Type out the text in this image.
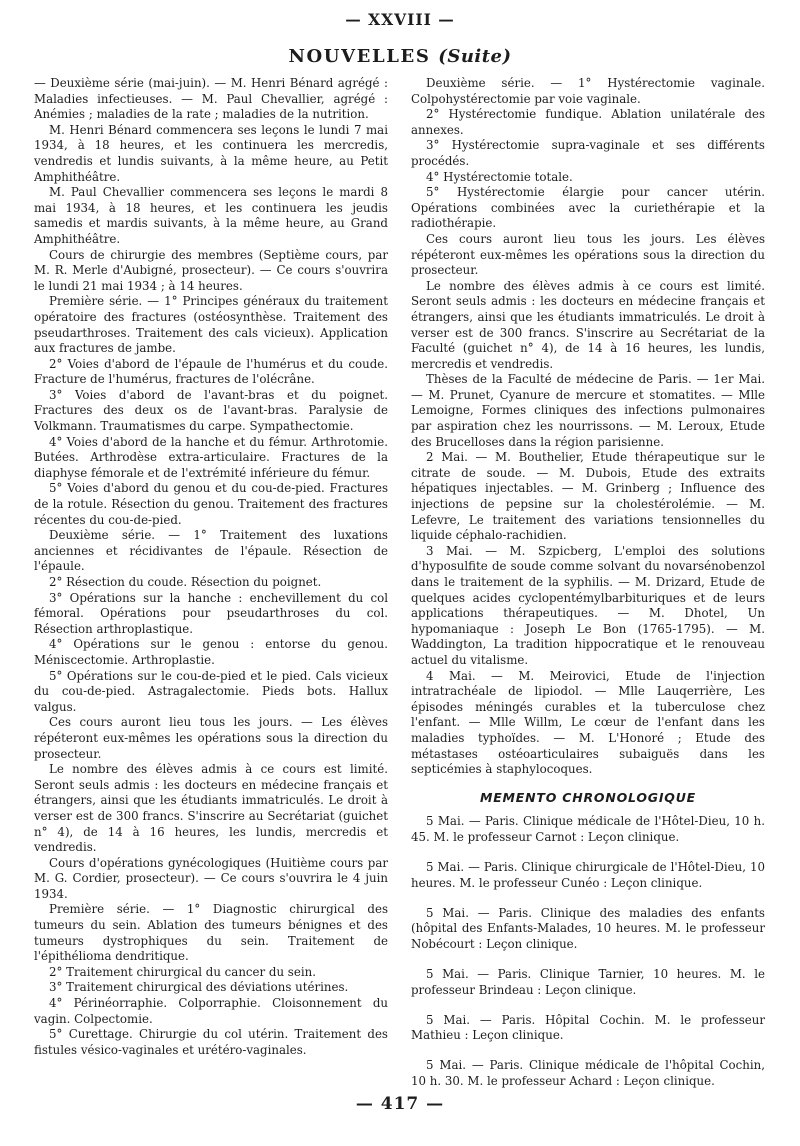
— XXVIII —
NOUVELLES (Suite)

— Deuxième série (mai-juin). — M. Henri Bénard agrégé : Maladies infectieuses. — M. Paul Chevallier, agrégé : Anémies ; maladies de la rate ; maladies de la nutrition.

M. Henri Bénard commencera ses leçons le lundi 7 mai 1934, à 18 heures, et les continuera les mercredis, vendredis et lundis suivants, à la même heure, au Petit Amphithéâtre.

M. Paul Chevallier commencera ses leçons le mardi 8 mai 1934, à 18 heures, et les continuera les jeudis samedis et mardis suivants, à la même heure, au Grand Amphithéâtre.

Cours de chirurgie des membres (Septième cours, par M. R. Merle d'Aubigné, prosecteur). — Ce cours s'ouvrira le lundi 21 mai 1934 ; à 14 heures.

Première série. — 1° Principes généraux du traitement opératoire des fractures (ostéosynthèse. Traitement des pseudarthroses. Traitement des cals vicieux). Application aux fractures de jambe.

2° Voies d'abord de l'épaule de l'humérus et du coude. Fracture de l'humérus, fractures de l'olécrâne.

3° Voies d'abord de l'avant-bras et du poignet. Fractures des deux os de l'avant-bras. Paralysie de Volkmann. Traumatismes du carpe. Sympathectomie.

4° Voies d'abord de la hanche et du fémur. Arthrotomie. Butées. Arthrodèse extra-articulaire. Fractures de la diaphyse fémorale et de l'extrémité inférieure du fémur.

5° Voies d'abord du genou et du cou-de-pied. Fractures de la rotule. Résection du genou. Traitement des fractures récentes du cou-de-pied.

Deuxième série. — 1° Traitement des luxations anciennes et récidivantes de l'épaule. Résection de l'épaule.

2° Résection du coude. Résection du poignet.

3° Opérations sur la hanche : enchevillement du col fémoral. Opérations pour pseudarthroses du col. Résection arthroplastique.

4° Opérations sur le genou : entorse du genou. Méniscectomie. Arthroplastie.

5° Opérations sur le cou-de-pied et le pied. Cals vicieux du cou-de-pied. Astragalectomie. Pieds bots. Hallux valgus.

Ces cours auront lieu tous les jours. — Les élèves répéteront eux-mêmes les opérations sous la direction du prosecteur.

Le nombre des élèves admis à ce cours est limité. Seront seuls admis : les docteurs en médecine français et étrangers, ainsi que les étudiants immatriculés. Le droit à verser est de 300 francs. S'inscrire au Secrétariat (guichet n° 4), de 14 à 16 heures, les lundis, mercredis et vendredis.

Cours d'opérations gynécologiques (Huitième cours par M. G. Cordier, prosecteur). — Ce cours s'ouvrira le 4 juin 1934.

Première série. — 1° Diagnostic chirurgical des tumeurs du sein. Ablation des tumeurs bénignes et des tumeurs dystrophiques du sein. Traitement de l'épithélioma dendritique.

2° Traitement chirurgical du cancer du sein.

3° Traitement chirurgical des déviations utérines.

4° Périnéorraphie. Colporraphie. Cloisonnement du vagin. Colpectomie.

5° Curettage. Chirurgie du col utérin. Traitement des fistules vésico-vaginales et urétéro-vaginales.

Deuxième série. — 1° Hystérectomie vaginale. Colpohystérectomie par voie vaginale.

2° Hystérectomie fundique. Ablation unilatérale des annexes.

3° Hystérectomie supra-vaginale et ses différents procédés.

4° Hystérectomie totale.

5° Hystérectomie élargie pour cancer utérin. Opérations combinées avec la curiethérapie et la radiothérapie.

Ces cours auront lieu tous les jours. Les élèves répéteront eux-mêmes les opérations sous la direction du prosecteur.

Le nombre des élèves admis à ce cours est limité. Seront seuls admis : les docteurs en médecine français et étrangers, ainsi que les étudiants immatriculés. Le droit à verser est de 300 francs. S'inscrire au Secrétariat de la Faculté (guichet n° 4), de 14 à 16 heures, les lundis, mercredis et vendredis.

Thèses de la Faculté de médecine de Paris. — 1er Mai. — M. Prunet, Cyanure de mercure et stomatites. — Mlle Lemoigne, Formes cliniques des infections pulmonaires par aspiration chez les nourrissons. — M. Leroux, Etude des Brucelloses dans la région parisienne.

2 Mai. — M. Bouthelier, Etude thérapeutique sur le citrate de soude. — M. Dubois, Etude des extraits hépatiques injectables. — M. Grinberg ; Influence des injections de pepsine sur la cholestérolémie. — M. Lefevre, Le traitement des variations tensionnelles du liquide céphalo-rachidien.

3 Mai. — M. Szpicberg, L'emploi des solutions d'hyposulfite de soude comme solvant du novarsénobenzol dans le traitement de la syphilis. — M. Drizard, Etude de quelques acides cyclopentémylbarbituriques et de leurs applications thérapeutiques. — M. Dhotel, Un hypomaniaque : Joseph Le Bon (1765-1795). — M. Waddington, La tradition hippocratique et le renouveau actuel du vitalisme.

4 Mai. — M. Meirovici, Etude de l'injection intratrachéale de lipiodol. — Mlle Lauqerrière, Les épisodes méningés curables et la tuberculose chez l'enfant. — Mlle Willm, Le cœur de l'enfant dans les maladies typhoïdes. — M. L'Honoré ; Etude des métastases ostéoarticulaires subaiguës dans les septicémies à staphylocoques.

MEMENTO CHRONOLOGIQUE

5 Mai. — Paris. Clinique médicale de l'Hôtel-Dieu, 10 h. 45. M. le professeur Carnot : Leçon clinique.

5 Mai. — Paris. Clinique chirurgicale de l'Hôtel-Dieu, 10 heures. M. le professeur Cunéo : Leçon clinique.

5 Mai. — Paris. Clinique des maladies des enfants (hôpital des Enfants-Malades, 10 heures. M. le professeur Nobécourt : Leçon clinique.

5 Mai. — Paris. Clinique Tarnier, 10 heures. M. le professeur Brindeau : Leçon clinique.

5 Mai. — Paris. Hôpital Cochin. M. le professeur Mathieu : Leçon clinique.

5 Mai. — Paris. Clinique médicale de l'hôpital Cochin, 10 h. 30. M. le professeur Achard : Leçon clinique.

— 417 —
